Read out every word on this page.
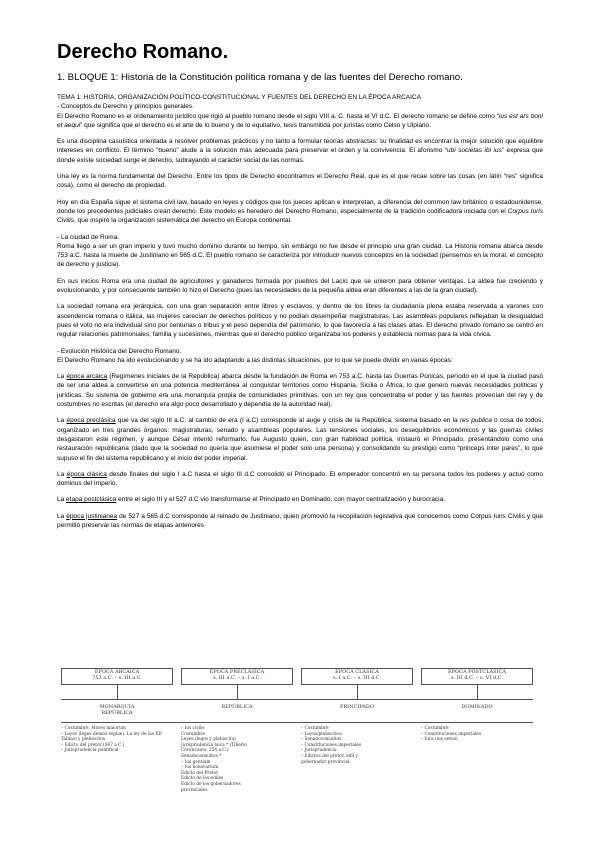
Derecho Romano.
1. BLOQUE 1: Historia de la Constitución política romana y de las fuentes del Derecho romano.

TEMA 1: HISTORIA, ORGANIZACIÓN POLÍTICO-CONSTITUCIONAL Y FUENTES DEL DERECHO EN LA ÉPOCA ARCAICA

- Conceptos de Derecho y principios generales.

El Derecho Romano es el ordenamiento jurídico que rigió al pueblo romano desde el siglo VIII a. C. hasta el VI d.C. El derecho romano se define como “ius est ars boni et aequi” que significa que el derecho es el arte de lo bueno y de lo equitativo, tesis transmitida por juristas como Celso y Ulpiano.

Es una disciplina casuística orientada a resolver problemas prácticos y no tanto a formular teorías abstractas: su finalidad es encontrar la mejor solución que equilibre intereses en conflicto. El término “bueno” alude a la solución más adecuada para preservar el orden y la convivencia. El aforismo “ubi societas ibi ius” expresa que donde existe sociedad surge el derecho, subrayando el carácter social de las normas.

Una ley es la norma fundamental del Derecho. Entre los tipos de Derecho encontramos el Derecho Real, que es el que recae sobre las cosas (en latín “res” significa cosa), como el derecho de propiedad.

Hoy en día España sigue el sistema civil law, basado en leyes y códigos que los jueces aplican e interpretan, a diferencia del common law británico o estadounidense, donde los precedentes judiciales crean derecho. Este modelo es heredero del Derecho Romano, especialmente de la tradición codificadora iniciada con el Corpus Iuris Civilis, que inspiró la organización sistemática del derecho en Europa continental.

- La ciudad de Roma.

Roma llegó a ser un gran imperio y tuvo mucho dominio durante su tiempo, sin embargo no fue desde el principio una gran ciudad. La Historia romana abarca desde 753 a.C. hasta la muerte de Justiniano en 565 d.C. El pueblo romano se caracteriza por introducir nuevos conceptos en la sociedad (pensemos en la moral, el concepto de derecho y justicia).

En sus inicios Roma era una ciudad de agricultores y ganaderos formada por pueblos del Lacio que se unieron para obtener ventajas. La aldea fue creciendo y evolucionando, y por consecuente también lo hizo el Derecho (pues las necesidades de la pequeña aldea eran diferentes a las de la gran ciudad).

La sociedad romana era jerárquica, con una gran separación entre libres y esclavos, y dentro de los libres la ciudadanía plena estaba reservada a varones con ascendencia romana o itálica, las mujeres carecían de derechos políticos y no podían desempeñar magistraturas. Las asambleas populares reflejaban la desigualdad pues el voto no era individual sino por centurias o tribus y el peso dependía del patrimonio, lo que favorecía a las clases altas. El derecho privado romano se centró en regular relaciones patrimoniales, familia y sucesiones, mientras que el derecho público organizaba los poderes y establecía normas para la vida cívica.

- Evolución Histórica del Derecho Romano.

El Derecho Romano ha ido evolucionando y se ha ido adaptando a las distintas situaciones, por lo que se puede dividir en varias épocas:

La época arcaica (Regímenes iniciales de la República) abarca desde la fundación de Roma en 753 a.C. hasta las Guerras Púnicas, período en el que la ciudad pasó de ser una aldea a convertirse en una potencia mediterránea al conquistar territorios como Hispania, Sicilia o África, lo que generó nuevas necesidades políticas y jurídicas. Su sistema de gobierno era una monarquía propia de comunidades primitivas, con un rey que concentraba el poder y las fuentes provenían del rey y de costumbres no escritas (el derecho era algo poco desarrollado y dependía de la autoridad real).

La época preclásica que va del siglo III a.C. al cambio de era (I a.C) corresponde al auge y crisis de la República, sistema basado en la res publica o cosa de todos, organizado en tres grandes órganos: magistraturas, senado y asambleas populares. Las tensiones sociales, los desequilibrios económicos y las guerras civiles desgastaron este régimen, y aunque César intentó reformarlo, fue Augusto quien, con gran habilidad política, instauró el Principado, presentándolo como una restauración republicana (dado que la sociedad no quería que asumiese el poder solo una persona) y consolidando su prestigio como “princeps inter pares”, lo que supuso el fin del sistema republicano y el inicio del poder imperial.

La época clásica desde finales del siglo I a.C hasta el siglo III d.C consolidó el Principado. El emperador concentró en su persona todos los poderes y actuó como dominus del Imperio.

La etapa postclásica entre el siglo III y el 527 d.C vio transformarse el Principado en Dominado, con mayor centralización y burocracia.

La época justinianea de 527 a 565 d.C corresponde al reinado de Justiniano, quien promovió la recopilación legislativa que conocemos como Corpus Iuris Civilis y que permitió preservar las normas de etapas anteriores

ÉPOCA ARCAICA
753 a.C. – s. III a.C.
ÉPOCA PRECLÁSICA
s. III a.C. – s. I a.C.
ÉPOCA CLÁSICA
s. I a.C. – s. III d.C.
ÉPOCA POSTCLÁSICA
s. III d.C. – s. VI d.C.
MONARQUÍA
REPÚBLICA
REPÚBLICA	PRINCIPADO	DOMINADO
– Costumbre. Mores maiorum
– Leyes (leges demas-regiae). La ley de las XII Tablas) y plebiscitos
– Edicto del pretor (367 a.C.)
– Jurisprudencia pontifical
– Ius civile:
Costumbre
Leyes (leges y plebiscita)
Jurisprudencia laica * (Tiberio
Coruncanio, 254 a.C.)
Senadoconsultos *
– Ius gentium
– Ius honorarium
Edicto del Pretor
Edicto de los ediles
Edicto de los gobernadores
provinciales
– Costumbre
– Leyes/plebiscitos
– Senadoconsultos
– Constituciones imperiales
– Jurisprudencia
– Edictos del pretor, edil y
gobernador provincial
– Costumbre
– Constituciones imperiales
– Iura (ius vetus)
